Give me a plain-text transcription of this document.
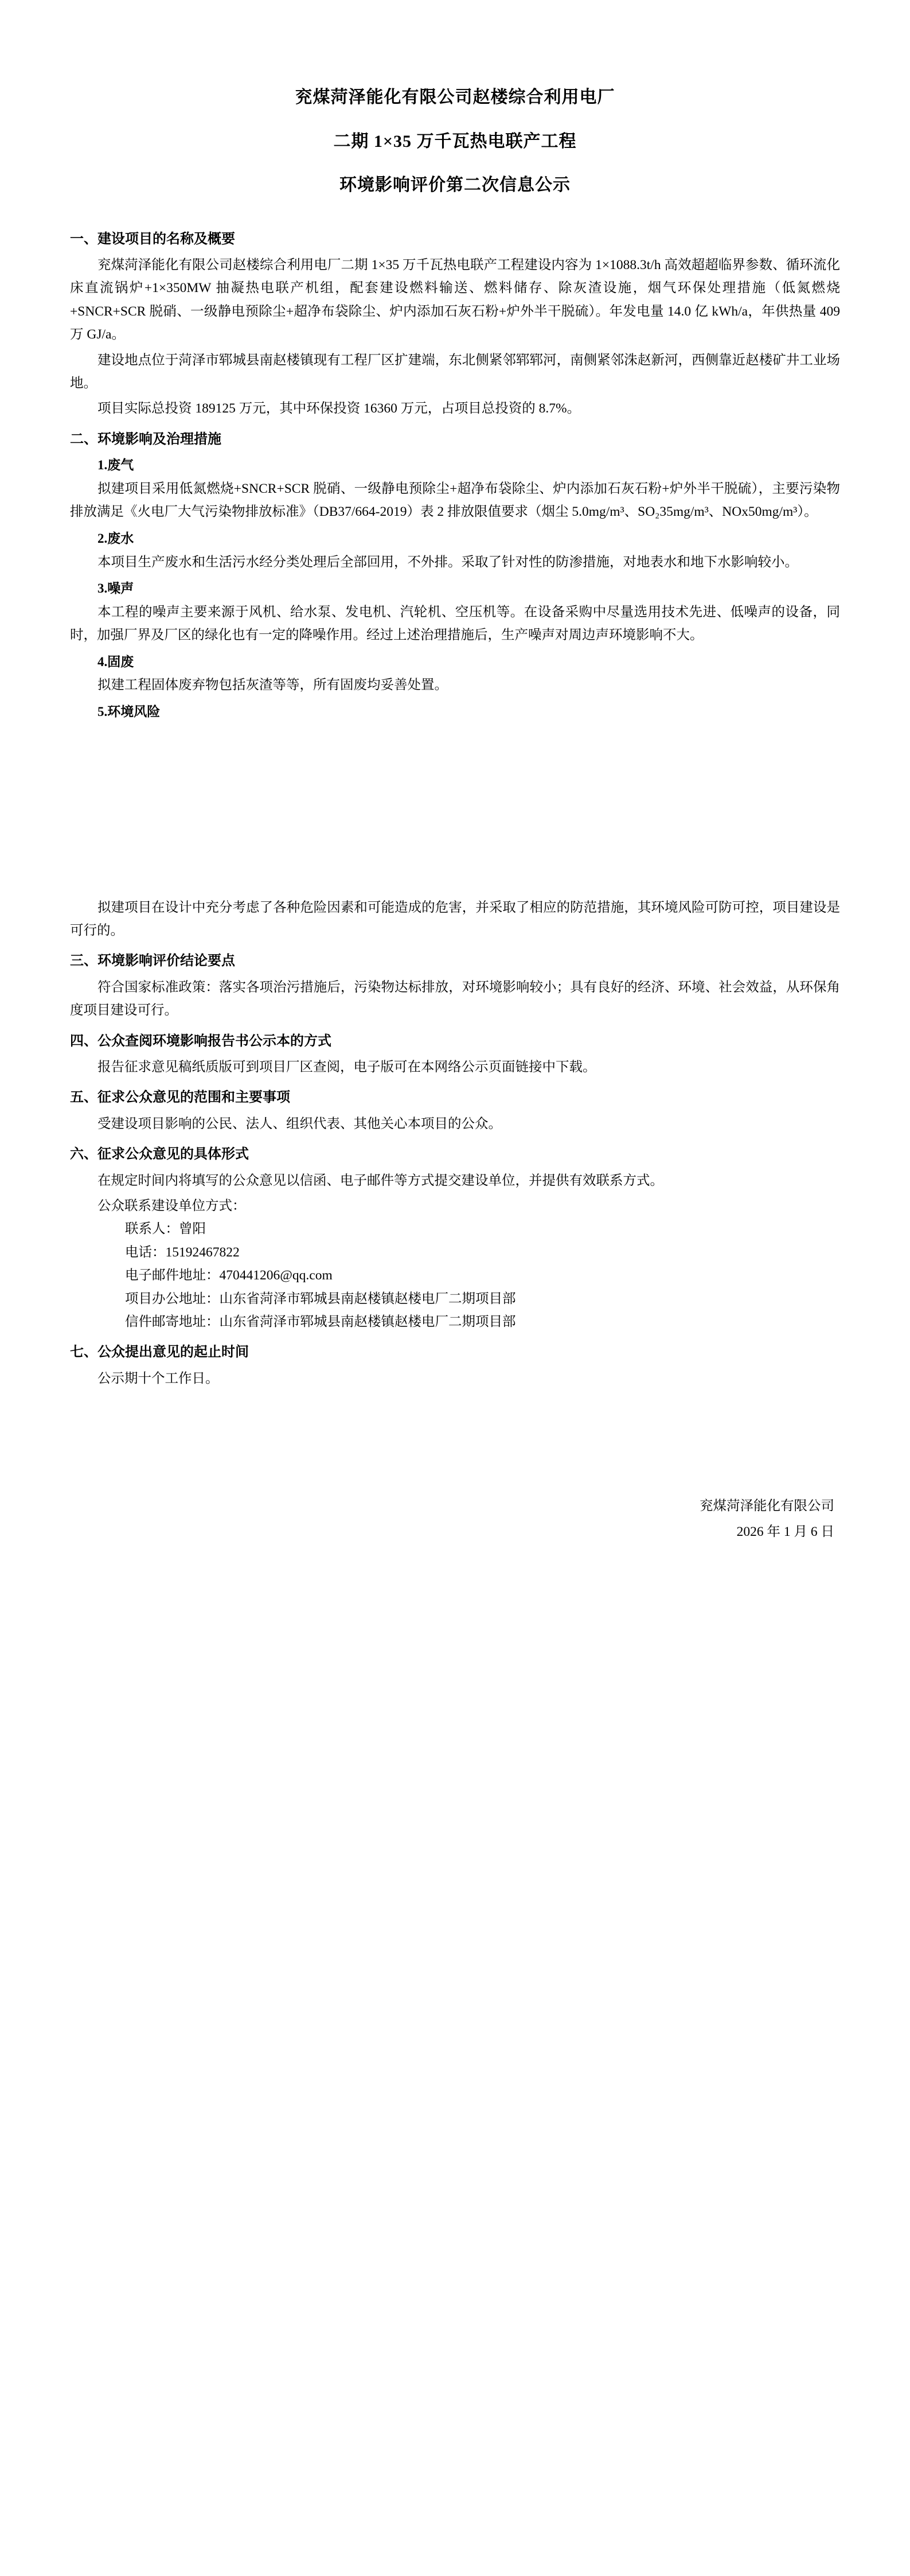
兖煤菏泽能化有限公司赵楼综合利用电厂
二期 1×35 万千瓦热电联产工程
环境影响评价第二次信息公示
一、建设项目的名称及概要

兖煤菏泽能化有限公司赵楼综合利用电厂二期 1×35 万千瓦热电联产工程建设内容为 1×1088.3t/h 高效超超临界参数、循环流化床直流锅炉+1×350MW 抽凝热电联产机组，配套建设燃料输送、燃料储存、除灰渣设施，烟气环保处理措施（低氮燃烧+SNCR+SCR 脱硝、一级静电预除尘+超净布袋除尘、炉内添加石灰石粉+炉外半干脱硫）。年发电量 14.0 亿 kWh/a，年供热量 409 万 GJ/a。

建设地点位于菏泽市郓城县南赵楼镇现有工程厂区扩建端，东北侧紧邻郓郓河，南侧紧邻洙赵新河，西侧靠近赵楼矿井工业场地。

项目实际总投资 189125 万元，其中环保投资 16360 万元，占项目总投资的 8.7%。

二、环境影响及治理措施
1.废气

拟建项目采用低氮燃烧+SNCR+SCR 脱硝、一级静电预除尘+超净布袋除尘、炉内添加石灰石粉+炉外半干脱硫），主要污染物排放满足《火电厂大气污染物排放标准》（DB37/664-2019）表 2 排放限值要求（烟尘 5.0mg/m³、SO₂35mg/m³、NOx50mg/m³）。

2.废水

本项目生产废水和生活污水经分类处理后全部回用，不外排。采取了针对性的防渗措施，对地表水和地下水影响较小。

3.噪声

本工程的噪声主要来源于风机、给水泵、发电机、汽轮机、空压机等。在设备采购中尽量选用技术先进、低噪声的设备，同时，加强厂界及厂区的绿化也有一定的降噪作用。经过上述治理措施后，生产噪声对周边声环境影响不大。

4.固废

拟建工程固体废弃物包括灰渣等等，所有固废均妥善处置。

5.环境风险

拟建项目在设计中充分考虑了各种危险因素和可能造成的危害，并采取了相应的防范措施，其环境风险可防可控，项目建设是可行的。

三、环境影响评价结论要点

符合国家标准政策：落实各项治污措施后，污染物达标排放，对环境影响较小；具有良好的经济、环境、社会效益，从环保角度项目建设可行。

四、公众查阅环境影响报告书公示本的方式

报告征求意见稿纸质版可到项目厂区查阅，电子版可在本网络公示页面链接中下载。

五、征求公众意见的范围和主要事项

受建设项目影响的公民、法人、组织代表、其他关心本项目的公众。

六、征求公众意见的具体形式

在规定时间内将填写的公众意见以信函、电子邮件等方式提交建设单位，并提供有效联系方式。

公众联系建设单位方式：

联系人：曾阳

电话：15192467822

电子邮件地址：470441206@qq.com

项目办公地址：山东省菏泽市郓城县南赵楼镇赵楼电厂二期项目部

信件邮寄地址：山东省菏泽市郓城县南赵楼镇赵楼电厂二期项目部

七、公众提出意见的起止时间

公示期十个工作日。

兖煤菏泽能化有限公司
2026 年 1 月 6 日
